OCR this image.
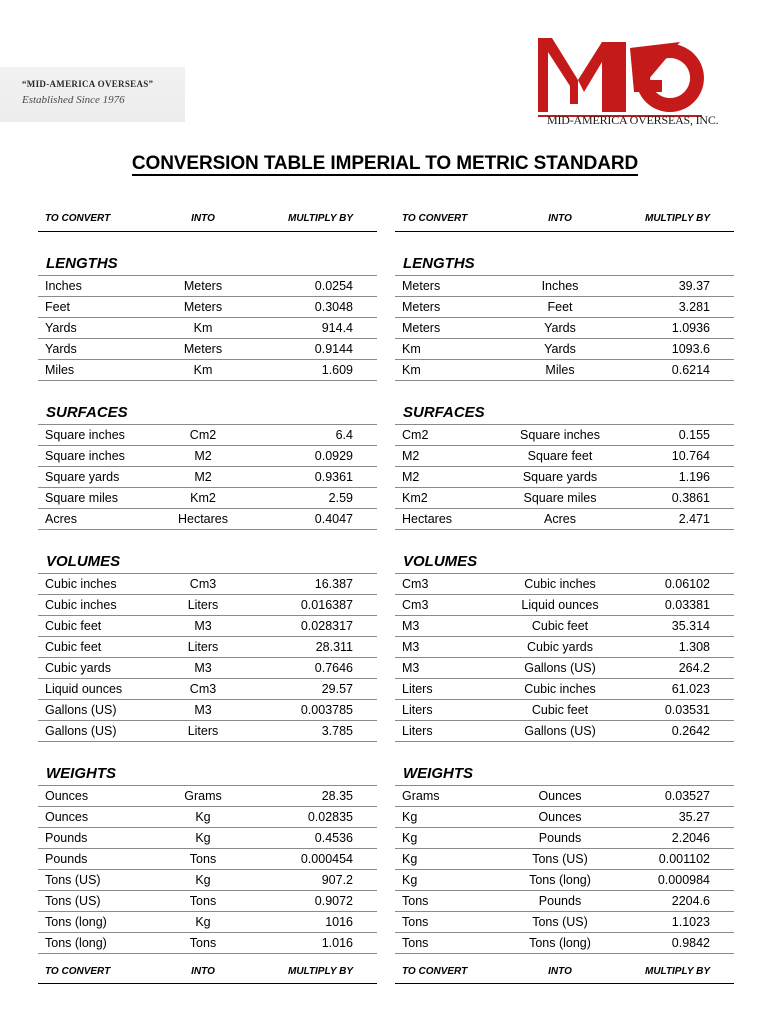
“MID-AMERICA OVERSEAS”
Established Since 1976
MID-AMERICA OVERSEAS, INC.
CONVERSION TABLE IMPERIAL TO METRIC STANDARD
TO CONVERT	INTO	MULTIPLY BY
LENGTHS
Inches	Meters	0.0254
Feet	Meters	0.3048
Yards	Km	914.4
Yards	Meters	0.9144
Miles	Km	1.609
SURFACES
Square inches	Cm2	6.4
Square inches	M2	0.0929
Square yards	M2	0.9361
Square miles	Km2	2.59
Acres	Hectares	0.4047
VOLUMES
Cubic inches	Cm3	16.387
Cubic inches	Liters	0.016387
Cubic feet	M3	0.028317
Cubic feet	Liters	28.311
Cubic yards	M3	0.7646
Liquid ounces	Cm3	29.57
Gallons (US)	M3	0.003785
Gallons (US)	Liters	3.785
WEIGHTS
Ounces	Grams	28.35
Ounces	Kg	0.02835
Pounds	Kg	0.4536
Pounds	Tons	0.000454
Tons (US)	Kg	907.2
Tons (US)	Tons	0.9072
Tons (long)	Kg	1016
Tons (long)	Tons	1.016
TO CONVERT	INTO	MULTIPLY BY
TO CONVERT	INTO	MULTIPLY BY
LENGTHS
Meters	Inches	39.37
Meters	Feet	3.281
Meters	Yards	1.0936
Km	Yards	1093.6
Km	Miles	0.6214
SURFACES
Cm2	Square inches	0.155
M2	Square feet	10.764
M2	Square yards	1.196
Km2	Square miles	0.3861
Hectares	Acres	2.471
VOLUMES
Cm3	Cubic inches	0.06102
Cm3	Liquid ounces	0.03381
M3	Cubic feet	35.314
M3	Cubic yards	1.308
M3	Gallons (US)	264.2
Liters	Cubic inches	61.023
Liters	Cubic feet	0.03531
Liters	Gallons (US)	0.2642
WEIGHTS
Grams	Ounces	0.03527
Kg	Ounces	35.27
Kg	Pounds	2.2046
Kg	Tons (US)	0.001102
Kg	Tons (long)	0.000984
Tons	Pounds	2204.6
Tons	Tons (US)	1.1023
Tons	Tons (long)	0.9842
TO CONVERT	INTO	MULTIPLY BY
